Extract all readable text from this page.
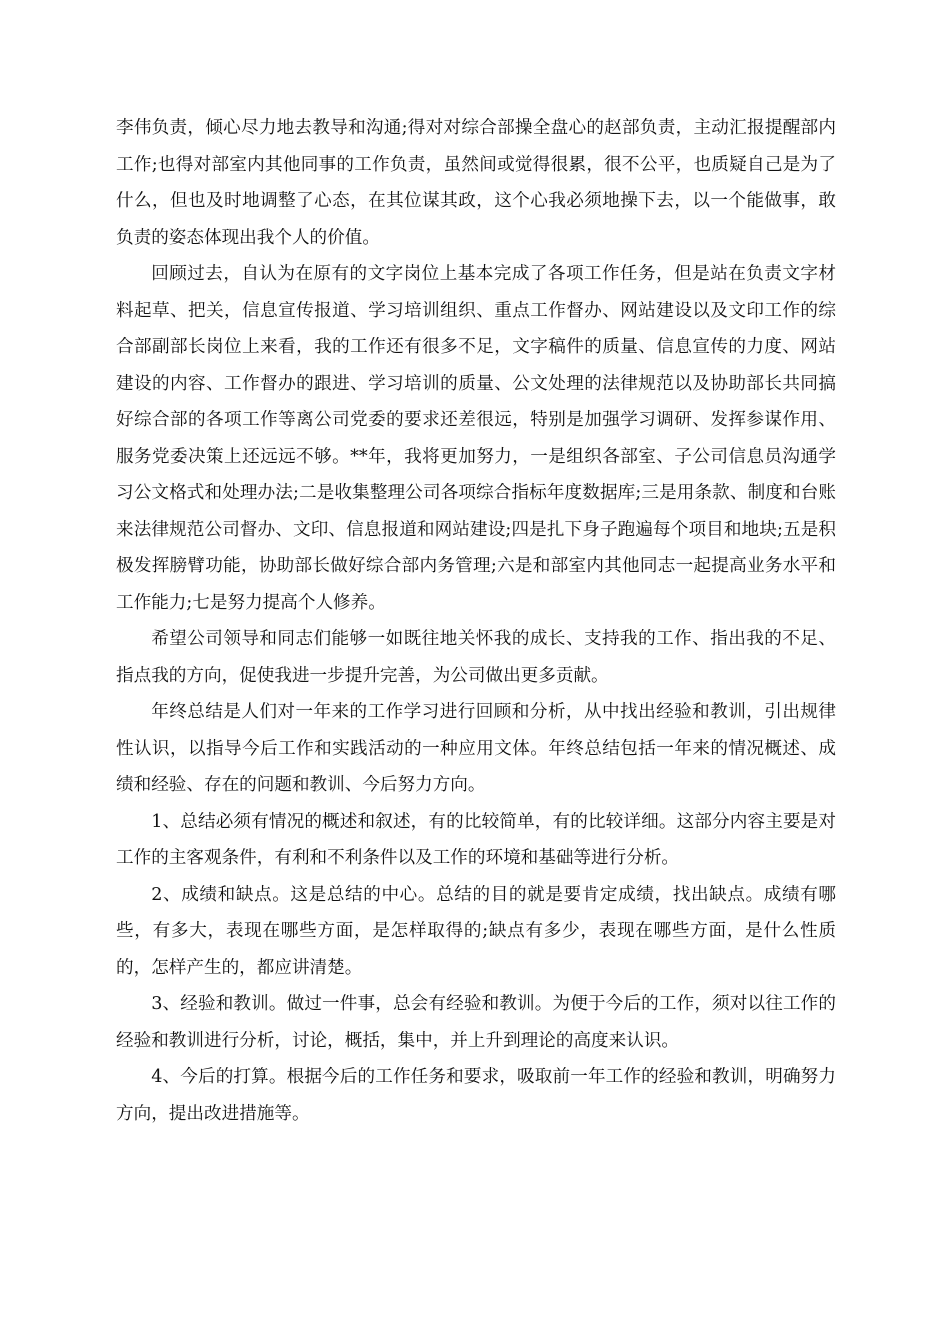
李伟负责，倾心尽力地去教导和沟通;得对对综合部操全盘心的赵部负责，主动汇报提醒部内工作;也得对部室内其他同事的工作负责，虽然间或觉得很累，很不公平，也质疑自己是为了什么，但也及时地调整了心态，在其位谋其政，这个心我必须地操下去，以一个能做事，敢负责的姿态体现出我个人的价值。

回顾过去，自认为在原有的文字岗位上基本完成了各项工作任务，但是站在负责文字材料起草、把关，信息宣传报道、学习培训组织、重点工作督办、网站建设以及文印工作的综合部副部长岗位上来看，我的工作还有很多不足，文字稿件的质量、信息宣传的力度、网站建设的内容、工作督办的跟进、学习培训的质量、公文处理的法律规范以及协助部长共同搞好综合部的各项工作等离公司党委的要求还差很远，特别是加强学习调研、发挥参谋作用、服务党委决策上还远远不够。**年，我将更加努力，一是组织各部室、子公司信息员沟通学习公文格式和处理办法;二是收集整理公司各项综合指标年度数据库;三是用条款、制度和台账来法律规范公司督办、文印、信息报道和网站建设;四是扎下身子跑遍每个项目和地块;五是积极发挥膀臂功能，协助部长做好综合部内务管理;六是和部室内其他同志一起提高业务水平和工作能力;七是努力提高个人修养。

希望公司领导和同志们能够一如既往地关怀我的成长、支持我的工作、指出我的不足、指点我的方向，促使我进一步提升完善，为公司做出更多贡献。

年终总结是人们对一年来的工作学习进行回顾和分析，从中找出经验和教训，引出规律性认识，以指导今后工作和实践活动的一种应用文体。年终总结包括一年来的情况概述、成绩和经验、存在的问题和教训、今后努力方向。

1、总结必须有情况的概述和叙述，有的比较简单，有的比较详细。这部分内容主要是对工作的主客观条件，有利和不利条件以及工作的环境和基础等进行分析。

2、成绩和缺点。这是总结的中心。总结的目的就是要肯定成绩，找出缺点。成绩有哪些，有多大，表现在哪些方面，是怎样取得的;缺点有多少，表现在哪些方面，是什么性质的，怎样产生的，都应讲清楚。

3、经验和教训。做过一件事，总会有经验和教训。为便于今后的工作，须对以往工作的经验和教训进行分析，讨论，概括，集中，并上升到理论的高度来认识。

4、今后的打算。根据今后的工作任务和要求，吸取前一年工作的经验和教训，明确努力方向，提出改进措施等。
